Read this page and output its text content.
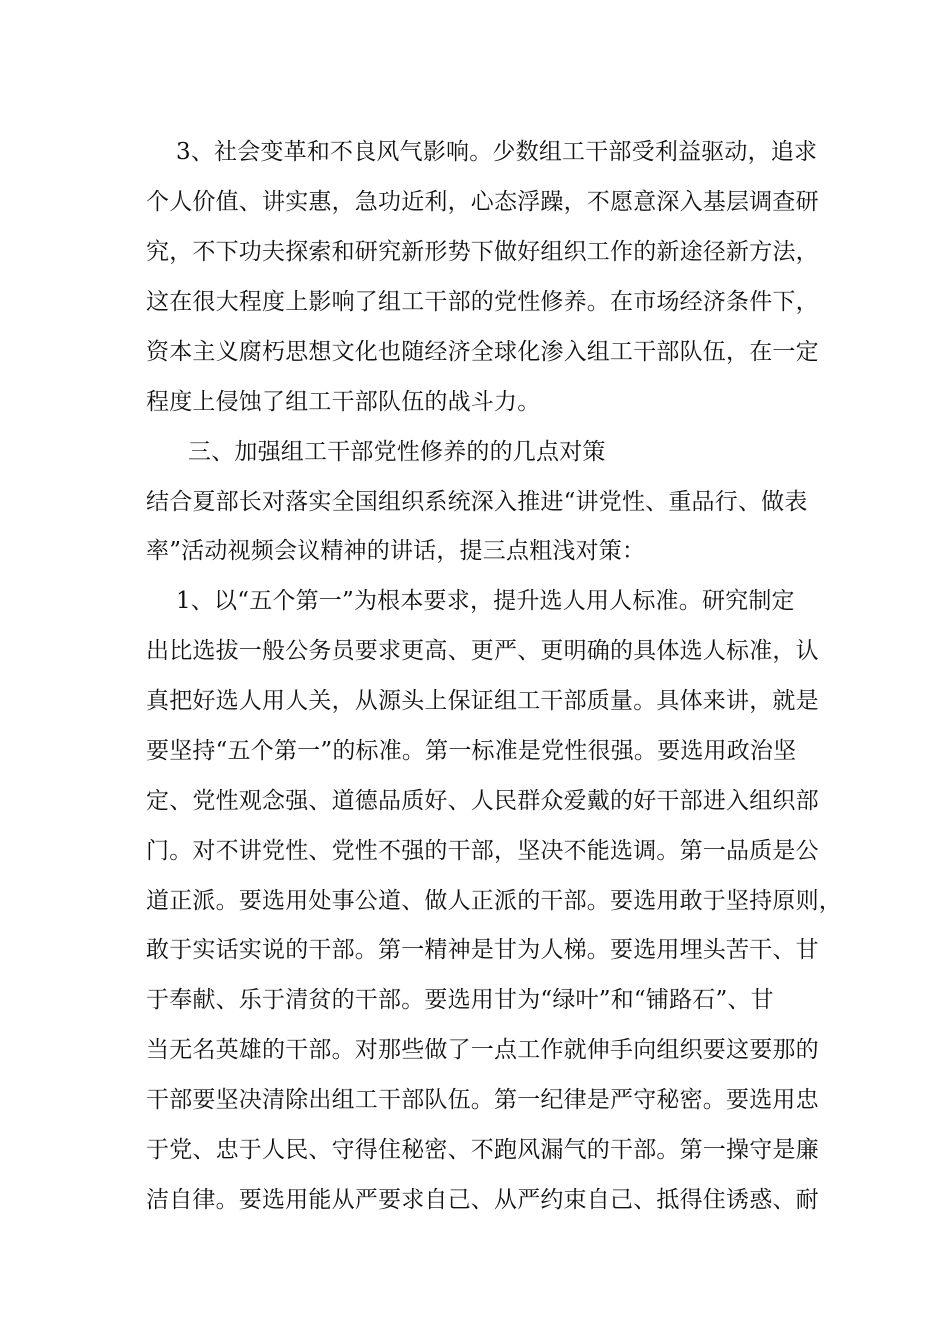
3、社会变革和不良风气影响。少数组工干部受利益驱动，追求
个人价值、讲实惠，急功近利，心态浮躁，不愿意深入基层调查研
究，不下功夫探索和研究新形势下做好组织工作的新途径新方法，
这在很大程度上影响了组工干部的党性修养。在市场经济条件下，
资本主义腐朽思想文化也随经济全球化渗入组工干部队伍，在一定
程度上侵蚀了组工干部队伍的战斗力。
三、加强组工干部党性修养的的几点对策
结合夏部长对落实全国组织系统深入推进“讲党性、重品行、做表
率”活动视频会议精神的讲话，提三点粗浅对策：
1、以“五个第一”为根本要求，提升选人用人标准。研究制定
出比选拔一般公务员要求更高、更严、更明确的具体选人标准，认
真把好选人用人关，从源头上保证组工干部质量。具体来讲，就是
要坚持“五个第一”的标准。第一标准是党性很强。要选用政治坚
定、党性观念强、道德品质好、人民群众爱戴的好干部进入组织部
门。对不讲党性、党性不强的干部，坚决不能选调。第一品质是公
道正派。要选用处事公道、做人正派的干部。要选用敢于坚持原则，
敢于实话实说的干部。第一精神是甘为人梯。要选用埋头苦干、甘
于奉献、乐于清贫的干部。要选用甘为“绿叶”和“铺路石”、甘
当无名英雄的干部。对那些做了一点工作就伸手向组织要这要那的
干部要坚决清除出组工干部队伍。第一纪律是严守秘密。要选用忠
于党、忠于人民、守得住秘密、不跑风漏气的干部。第一操守是廉
洁自律。要选用能从严要求自己、从严约束自己、抵得住诱惑、耐
